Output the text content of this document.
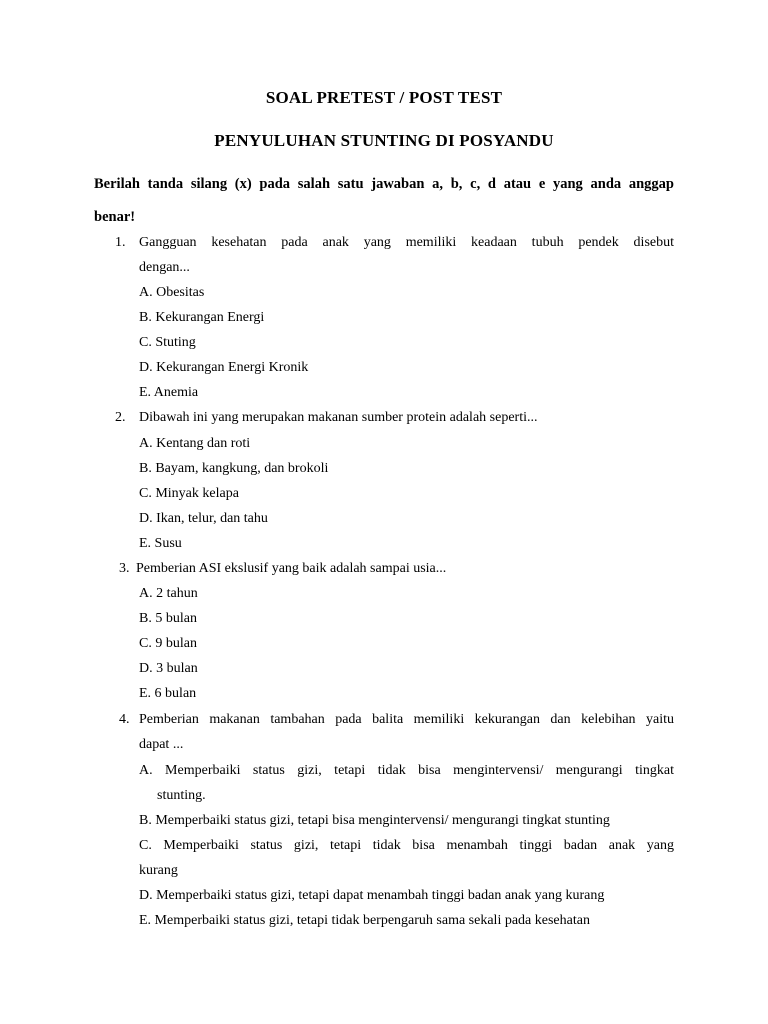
SOAL PRETEST / POST TEST
PENYULUHAN STUNTING DI POSYANDU
Berilah tanda silang (x) pada salah satu jawaban a, b, c, d atau e yang anda anggap benar!
1. Gangguan kesehatan pada anak yang memiliki keadaan tubuh pendek disebut
dengan...
A. Obesitas
B. Kekurangan Energi
C. Stuting
D. Kekurangan Energi Kronik
E. Anemia
2. Dibawah ini yang merupakan makanan sumber protein adalah seperti...
A. Kentang dan roti
B. Bayam, kangkung, dan brokoli
C. Minyak kelapa
D. Ikan, telur, dan tahu
E. Susu
3. Pemberian ASI ekslusif yang baik adalah sampai usia...
A. 2 tahun
B. 5 bulan
C. 9 bulan
D. 3 bulan
E. 6 bulan
4. Pemberian makanan tambahan pada balita memiliki kekurangan dan kelebihan yaitu
dapat ...
A. Memperbaiki status gizi, tetapi tidak bisa mengintervensi/ mengurangi tingkat
stunting.
B. Memperbaiki status gizi, tetapi bisa mengintervensi/ mengurangi tingkat stunting
C. Memperbaiki status gizi, tetapi tidak bisa menambah tinggi badan anak yang
kurang
D. Memperbaiki status gizi, tetapi dapat menambah tinggi badan anak yang kurang
E. Memperbaiki status gizi, tetapi tidak berpengaruh sama sekali pada kesehatan
